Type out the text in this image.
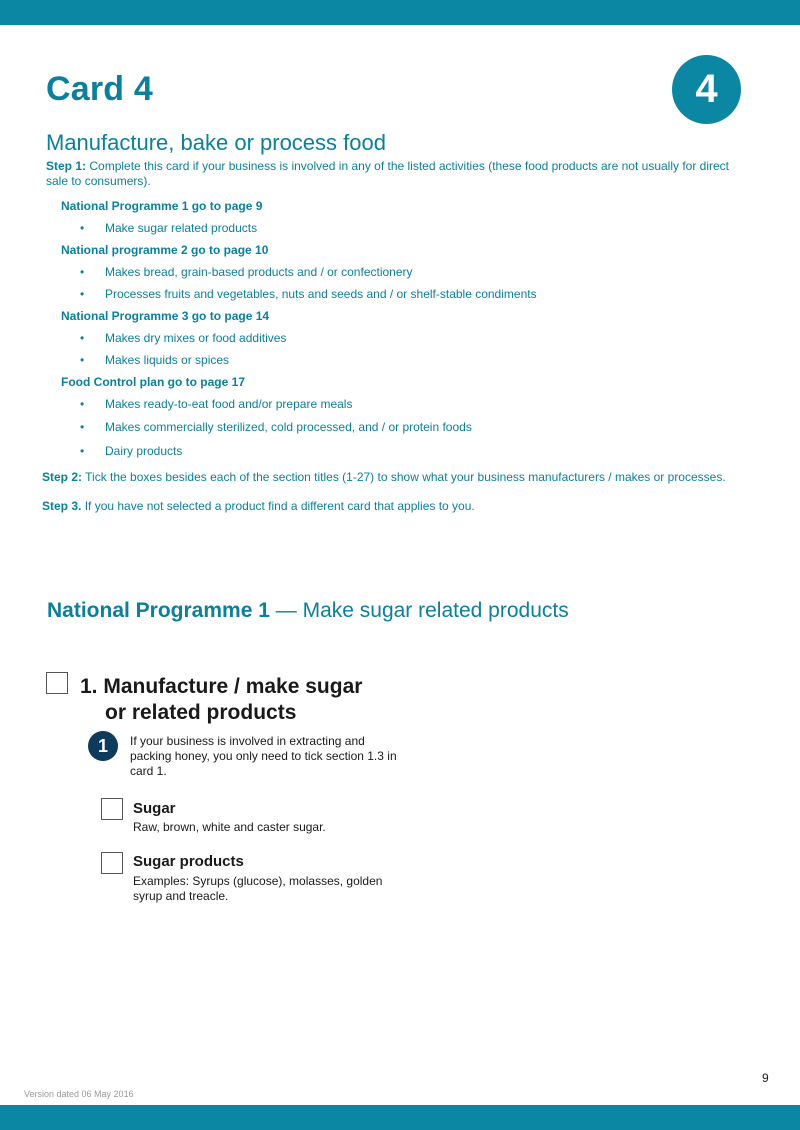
Card 4	4
Manufacture, bake or process food
Step 1: Complete this card if your business is involved in any of the listed activities (these food products are not usually for direct sale to consumers).
National Programme 1 go to page 9
• Make sugar related products
National programme 2 go to page 10
• Makes bread, grain-based products and / or confectionery
• Processes fruits and vegetables, nuts and seeds and / or shelf-stable condiments
National Programme 3 go to page 14
• Makes dry mixes or food additives
• Makes liquids or spices
Food Control plan go to page 17
• Makes ready-to-eat food and/or prepare meals
• Makes commercially sterilized, cold processed, and / or protein foods
• Dairy products
Step 2: Tick the boxes besides each of the section titles (1-27) to show what your business manufacturers / makes or processes.
Step 3. If you have not selected a product find a different card that applies to you.
National Programme 1 — Make sugar related products
1. Manufacture / make sugar
or related products
1	If your business is involved in extracting and packing honey, you only need to tick section 1.3 in card 1.
Sugar
Raw, brown, white and caster sugar.
Sugar products
Examples: Syrups (glucose), molasses, golden syrup and treacle.
9
Version dated 06 May 2016
